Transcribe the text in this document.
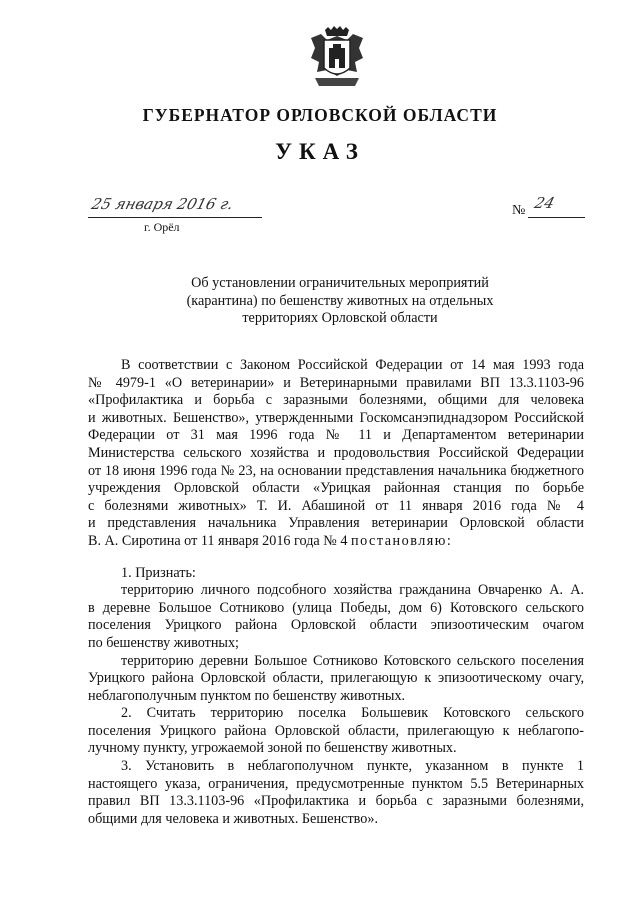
ГУБЕРНАТОР ОРЛОВСКОЙ ОБЛАСТИ
УКАЗ
25 января 2016 г.
г. Орёл
№ 24
Об установлении ограничительных мероприятий
(карантина) по бешенству животных на отдельных
территориях Орловской области

В соответствии с Законом Российской Федерации от 14 мая 1993 года

№ 4979-1 «О ветеринарии» и Ветеринарными правилами ВП 13.3.1103-96

«Профилактика и борьба с заразными болезнями, общими для человека

и животных. Бешенство», утвержденными Госкомсанэпиднадзором Российской

Федерации от 31 мая 1996 года № 11 и Департаментом ветеринарии

Министерства сельского хозяйства и продовольствия Российской Федерации

от 18 июня 1996 года № 23, на основании представления начальника бюджетного

учреждения Орловской области «Урицкая районная станция по борьбе

с болезнями животных» Т. И. Абашиной от 11 января 2016 года № 4

и представления начальника Управления ветеринарии Орловской области

В. А. Сиротина от 11 января 2016 года № 4 постановляю:

1. Признать:

территорию личного подсобного хозяйства гражданина Овчаренко А. А.

в деревне Большое Сотниково (улица Победы, дом 6) Котовского сельского

поселения Урицкого района Орловской области эпизоотическим очагом

по бешенству животных;

территорию деревни Большое Сотниково Котовского сельского поселения

Урицкого района Орловской области, прилегающую к эпизоотическому очагу,

неблагополучным пунктом по бешенству животных.

2. Считать территорию поселка Большевик Котовского сельского

поселения Урицкого района Орловской области, прилегающую к неблагопо-

лучному пункту, угрожаемой зоной по бешенству животных.

3. Установить в неблагополучном пункте, указанном в пункте 1

настоящего указа, ограничения, предусмотренные пунктом 5.5 Ветеринарных

правил ВП 13.3.1103-96 «Профилактика и борьба с заразными болезнями,

общими для человека и животных. Бешенство».
